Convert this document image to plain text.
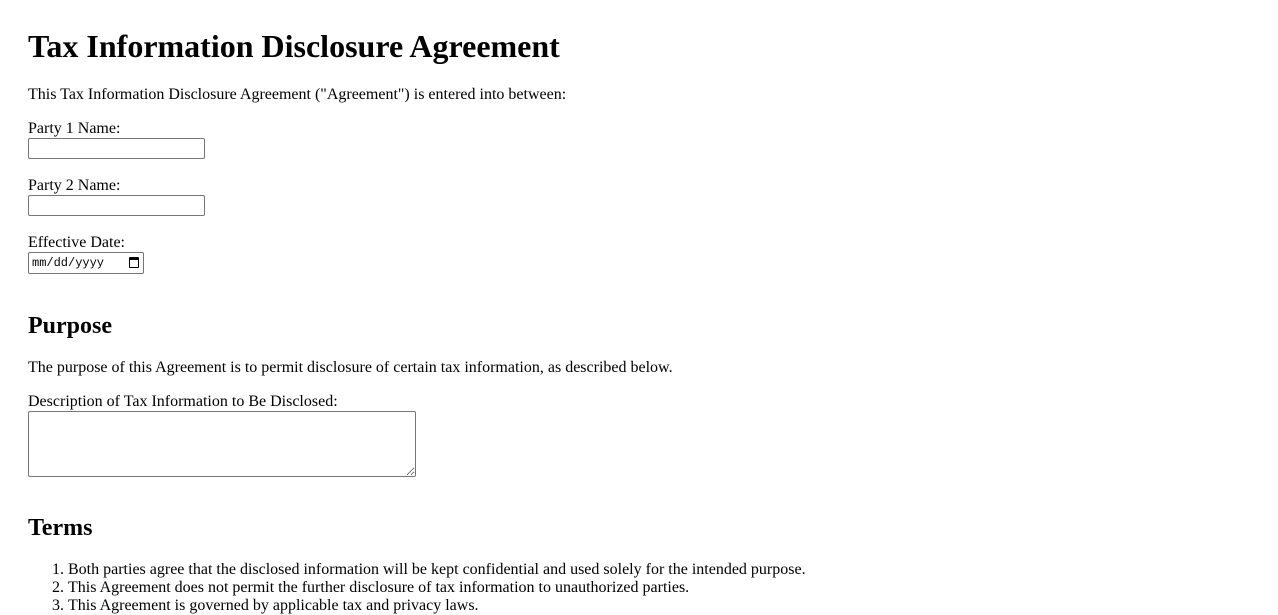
Tax Information Disclosure Agreement
This Tax Information Disclosure Agreement ("Agreement") is entered into between:
Party 1 Name:
Party 2 Name:
Effective Date:
mm/dd/yyyy
Purpose
The purpose of this Agreement is to permit disclosure of certain tax information, as described below.
Description of Tax Information to Be Disclosed:
Terms
1. Both parties agree that the disclosed information will be kept confidential and used solely for the intended purpose.
2. This Agreement does not permit the further disclosure of tax information to unauthorized parties.
3. This Agreement is governed by applicable tax and privacy laws.
